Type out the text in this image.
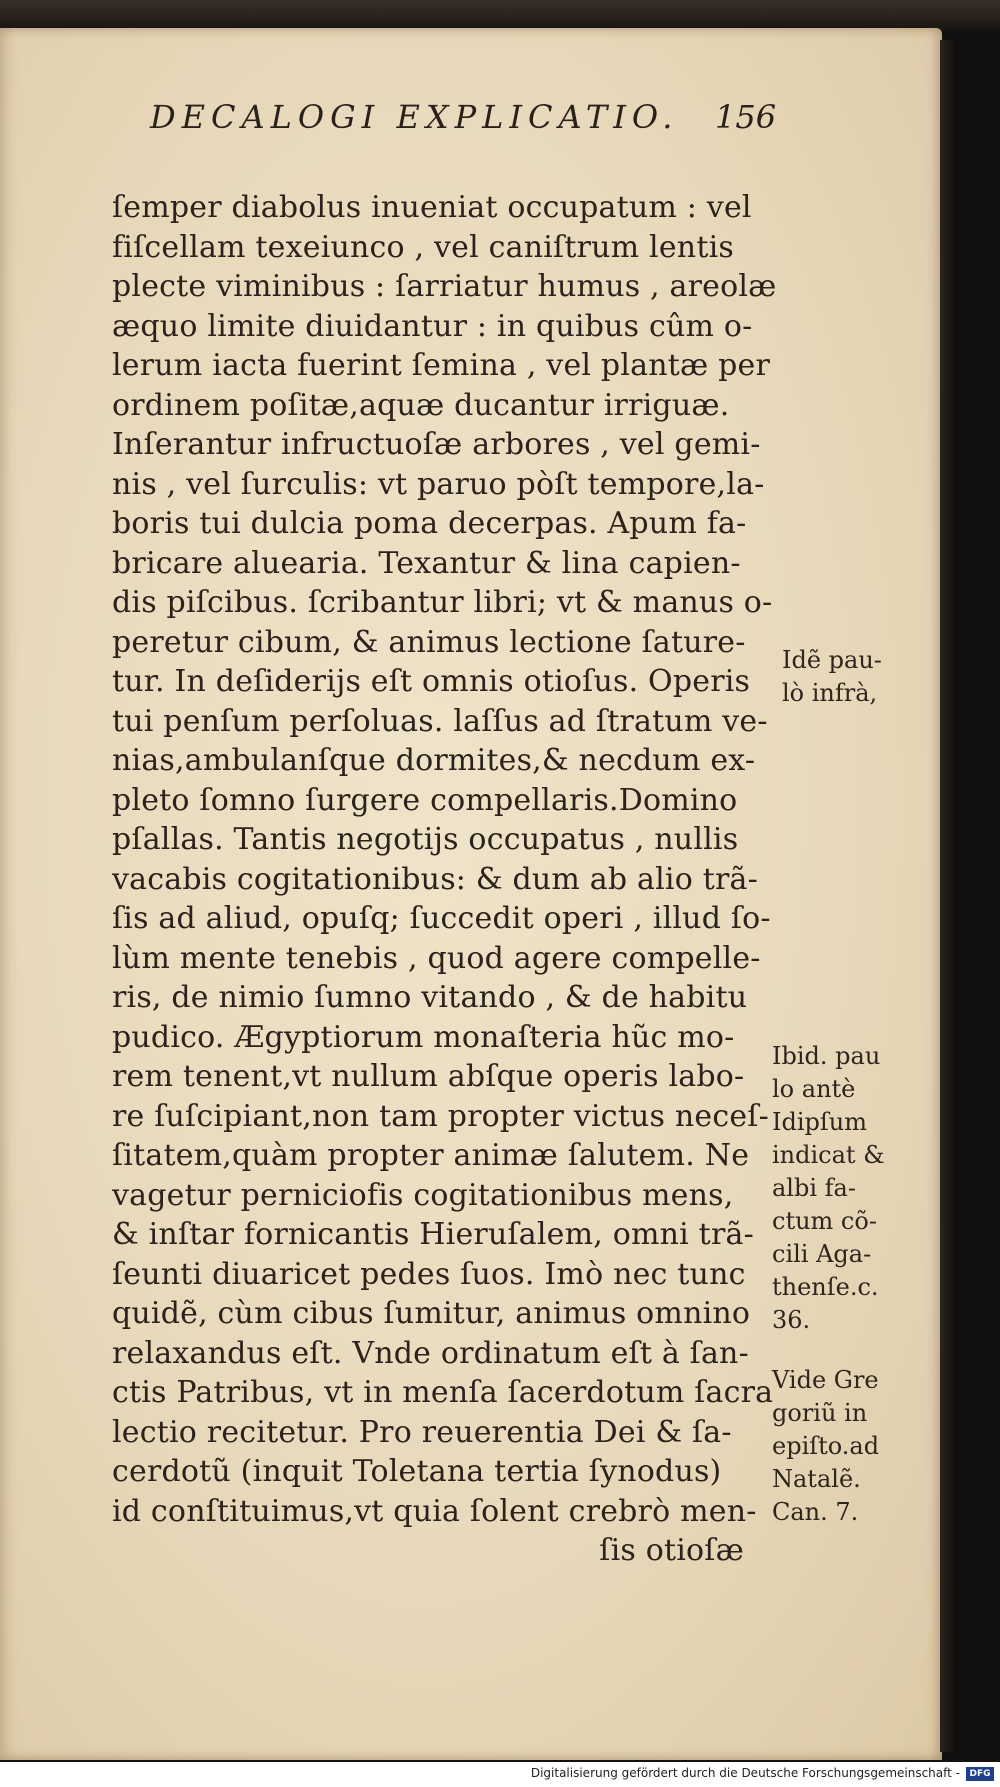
DECALOGI EXPLICATIO.	156
ſemper diabolus inueniat occupatum : vel
fiſcellam texeiunco , vel caniſtrum lentis
plecte viminibus : ſarriatur humus , areolæ
æquo limite diuidantur : in quibus cûm o-
lerum iacta fuerint ſemina , vel plantæ per
ordinem poſitæ,aquæ ducantur irriguæ.
Inſerantur infructuoſæ arbores , vel gemi-
nis , vel ſurculis: vt paruo pòſt tempore,la-
boris tui dulcia poma decerpas. Apum fa-
bricare aluearia. Texantur & lina capien-
dis piſcibus. ſcribantur libri; vt & manus o-
peretur cibum, & animus lectione ſature-
tur. In deſiderijs eſt omnis otioſus. Operis
tui penſum perſoluas. laſſus ad ſtratum ve-
nias,ambulanſque dormites,& necdum ex-
pleto ſomno ſurgere compellaris.Domino
pſallas. Tantis negotijs occupatus , nullis
vacabis cogitationibus: & dum ab alio trã-
ſis ad aliud, opuſq; ſuccedit operi , illud ſo-
lùm mente tenebis , quod agere compelle-
ris, de nimio ſumno vitando , & de habitu
pudico. Ægyptiorum monaſteria hũc mo-
rem tenent,vt nullum abſque operis labo-
re ſuſcipiant,non tam propter victus neceſ-
ſitatem,quàm propter animæ ſalutem. Ne
vagetur perniciofis cogitationibus mens,
& inſtar fornicantis Hieruſalem, omni trã-
ſeunti diuaricet pedes ſuos. Imò nec tunc
quidẽ, cùm cibus ſumitur, animus omnino
relaxandus eſt. Vnde ordinatum eſt à ſan-
ctis Patribus, vt in menſa ſacerdotum ſacra
lectio recitetur. Pro reuerentia Dei & ſa-
cerdotũ (inquit Toletana tertia ſynodus)
id conſtituimus,vt quia ſolent crebrò men-
ſis otioſæ
Idẽ pau-
lò infrà,
Ibid. pau
lo antè
Idipſum
indicat &
albi fa-
ctum cõ-
cili Aga-
thenſe.c.
36.
Vide Gre
goriũ in
epiſto.ad
Natalẽ.
Can. 7.
Digitalisierung gefördert durch die Deutsche Forschungsgemeinschaft -	DFG
